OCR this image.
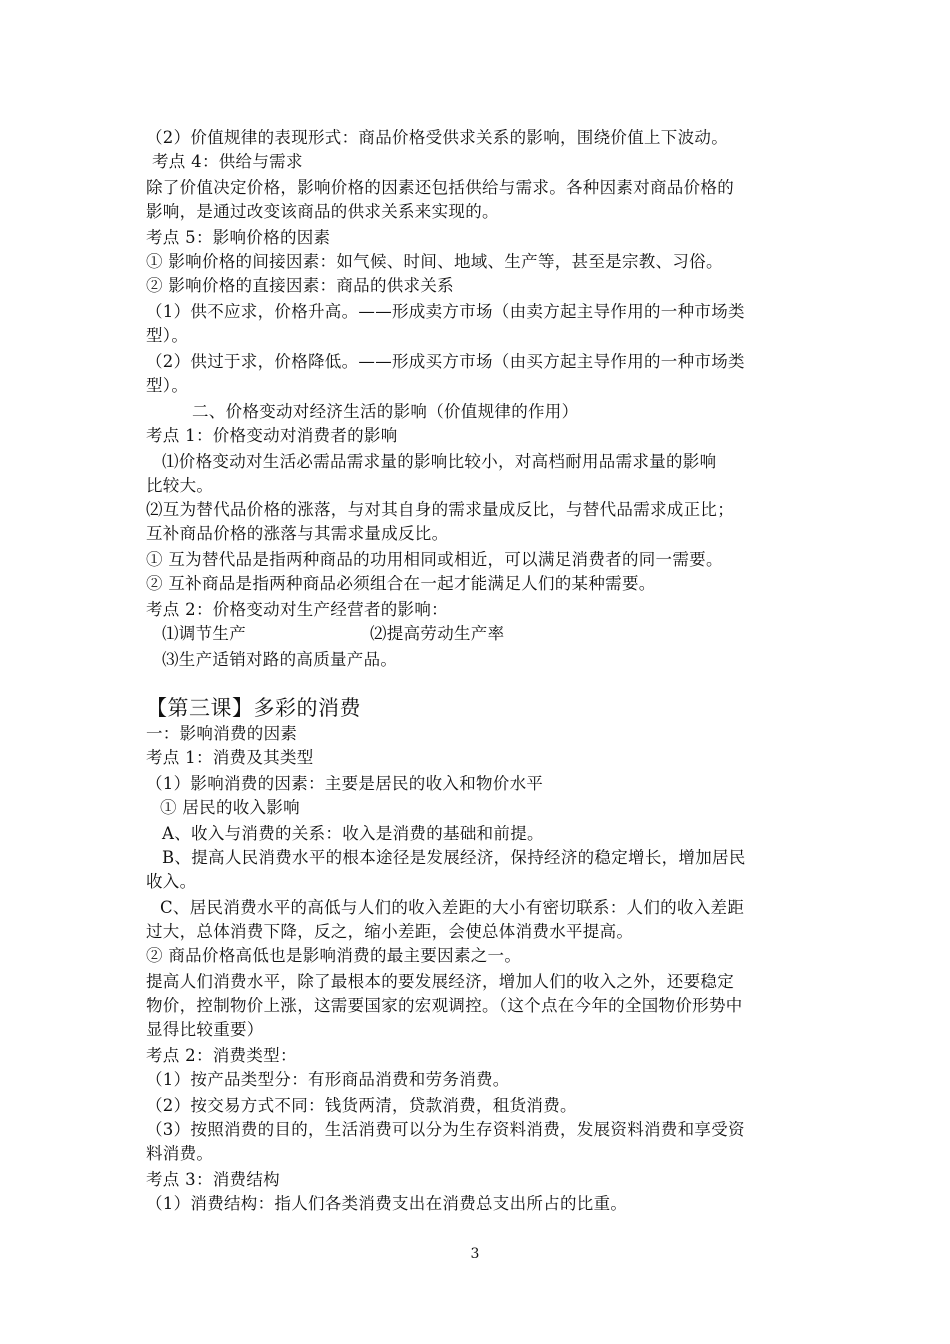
（2）价值规律的表现形式：商品价格受供求关系的影响，围绕价值上下波动。
考点 4：供给与需求
除了价值决定价格，影响价格的因素还包括供给与需求。各种因素对商品价格的
影响，是通过改变该商品的供求关系来实现的。
考点 5：影响价格的因素
① 影响价格的间接因素：如气候、时间、地域、生产等，甚至是宗教、习俗。
② 影响价格的直接因素：商品的供求关系
（1）供不应求，价格升高。——形成卖方市场（由卖方起主导作用的一种市场类
型）。
（2）供过于求，价格降低。——形成买方市场（由买方起主导作用的一种市场类
型）。
二、价格变动对经济生活的影响（价值规律的作用）
考点 1：价格变动对消费者的影响
⑴价格变动对生活必需品需求量的影响比较小，对高档耐用品需求量的影响
比较大。
⑵互为替代品价格的涨落，与对其自身的需求量成反比，与替代品需求成正比；
互补商品价格的涨落与其需求量成反比。
① 互为替代品是指两种商品的功用相同或相近，可以满足消费者的同一需要。
② 互补商品是指两种商品必须组合在一起才能满足人们的某种需要。
考点 2：价格变动对生产经营者的影响：
⑴调节生产	⑵提高劳动生产率
⑶生产适销对路的高质量产品。
【第三课】多彩的消费
一：影响消费的因素
考点 1：消费及其类型
（1）影响消费的因素：主要是居民的收入和物价水平
① 居民的收入影响
A、收入与消费的关系：收入是消费的基础和前提。
B、提高人民消费水平的根本途径是发展经济，保持经济的稳定增长，增加居民
收入。
C、居民消费水平的高低与人们的收入差距的大小有密切联系：人们的收入差距
过大，总体消费下降，反之，缩小差距，会使总体消费水平提高。
② 商品价格高低也是影响消费的最主要因素之一。
提高人们消费水平，除了最根本的要发展经济，增加人们的收入之外，还要稳定
物价，控制物价上涨，这需要国家的宏观调控。（这个点在今年的全国物价形势中
显得比较重要）
考点 2：消费类型：
（1）按产品类型分：有形商品消费和劳务消费。
（2）按交易方式不同：钱货两清，贷款消费，租货消费。
（3）按照消费的目的，生活消费可以分为生存资料消费，发展资料消费和享受资
料消费。
考点 3：消费结构
（1）消费结构：指人们各类消费支出在消费总支出所占的比重。
3
